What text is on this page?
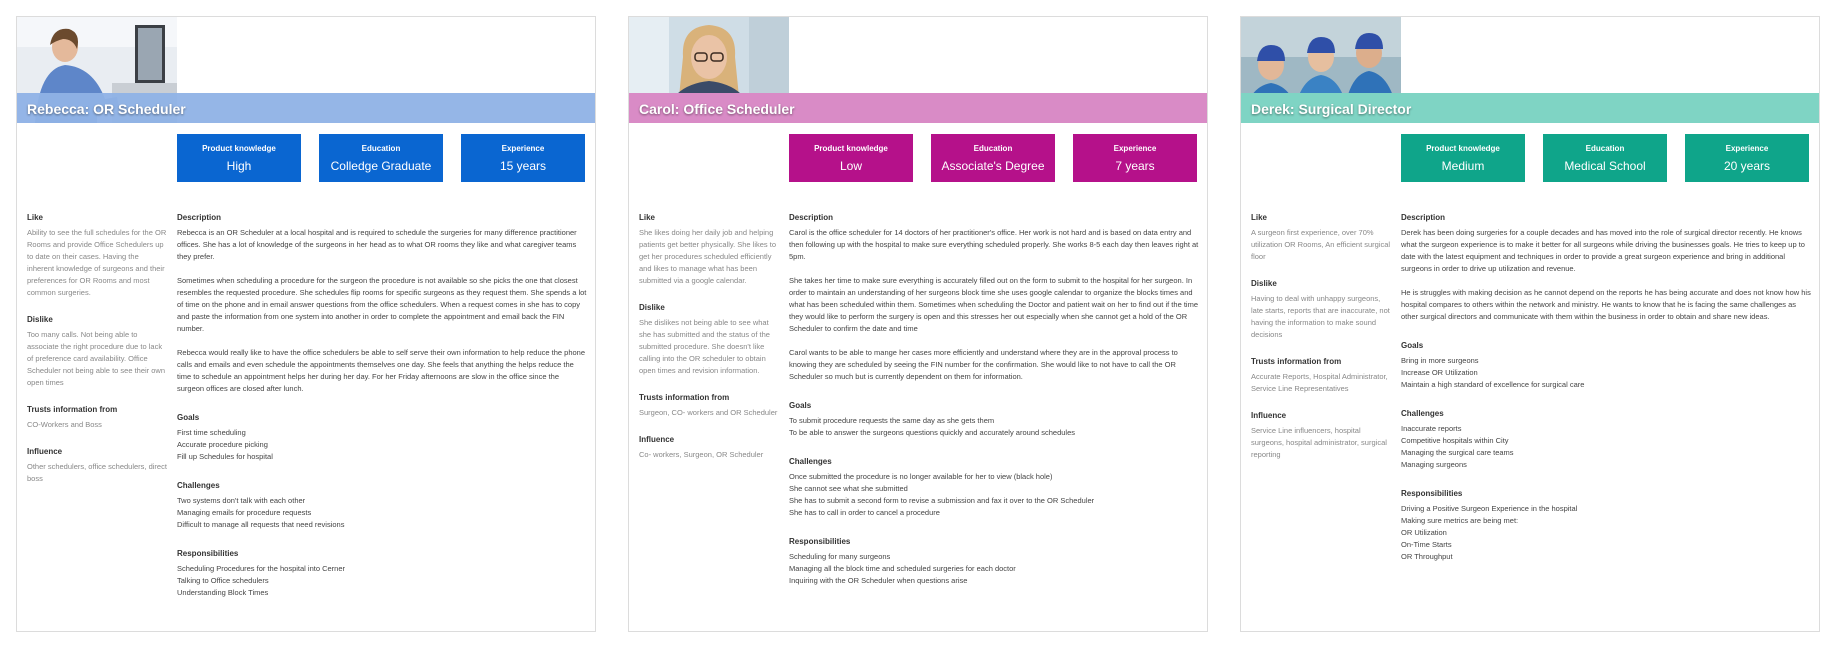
Rebecca: OR Scheduler
Product knowledge
High
Education
Colledge Graduate
Experience
15 years
Like
Ability to see the full schedules for the OR Rooms and provide Office Schedulers up to date on their cases. Having the inherent knowledge of surgeons and their preferences for OR Rooms and most common surgeries.
Dislike
Too many calls. Not being able to associate the right procedure due to lack of preference card availability. Office Scheduler not being able to see their own open times
Trusts information from
CO-Workers and Boss
Influence
Other schedulers, office schedulers, direct boss
Description
Rebecca is an OR Scheduler at a local hospital and is required to schedule the surgeries for many difference practitioner offices. She has a lot of knowledge of the surgeons in her head as to what OR rooms they like and what caregiver teams they prefer.
Sometimes when scheduling a procedure for the surgeon the procedure is not available so she picks the one that closest resembles the requested procedure. She schedules flip rooms for specific surgeons as they request them. She spends a lot of time on the phone and in email answer questions from the office schedulers. When a request comes in she has to copy and paste the information from one system into another in order to complete the appointment and email back the FIN number.
Rebecca would really like to have the office schedulers be able to self serve their own information to help reduce the phone calls and emails and even schedule the appointments themselves one day. She feels that anything the helps reduce the time to schedule an appointment helps her during her day. For her Friday afternoons are slow in the office since the surgeon offices are closed after lunch.
Goals
First time scheduling
Accurate procedure picking
Fill up Schedules for hospital
Challenges
Two systems don't talk with each other
Managing emails for procedure requests
Difficult to manage all requests that need revisions
Responsibilities
Scheduling Procedures for the hospital into Cerner
Talking to Office schedulers
Understanding Block Times
Carol: Office Scheduler
Product knowledge
Low
Education
Associate's Degree
Experience
7 years
Like
She likes doing her daily job and helping patients get better physically. She likes to get her procedures scheduled efficiently and likes to manage what has been submitted via a google calendar.
Dislike
She dislikes not being able to see what she has submitted and the status of the submitted procedure. She doesn't like calling into the OR scheduler to obtain open times and revision information.
Trusts information from
Surgeon, CO- workers and OR Scheduler
Influence
Co- workers, Surgeon, OR Scheduler
Description
Carol is the office scheduler for 14 doctors of her practitioner's office. Her work is not hard and is based on data entry and then following up with the hospital to make sure everything scheduled properly. She works 8-5 each day then leaves right at 5pm.
She takes her time to make sure everything is accurately filled out on the form to submit to the hospital for her surgeon. In order to maintain an understanding of her surgeons block time she uses google calendar to organize the blocks times and what has been scheduled within them. Sometimes when scheduling the Doctor and patient wait on her to find out if the time they would like to perform the surgery is open and this stresses her out especially when she cannot get a hold of the OR Scheduler to confirm the date and time
Carol wants to be able to mange her cases more efficiently and understand where they are in the approval process to knowing they are scheduled by seeing the FIN number for the confirmation. She would like to not have to call the OR Scheduler so much but is currently dependent on them for information.
Goals
To submit procedure requests the same day as she gets them
To be able to answer the surgeons questions quickly and accurately around schedules
Challenges
Once submitted the procedure is no longer available for her to view (black hole)
She cannot see what she submitted
She has to submit a second form to revise a submission and fax it over to the OR Scheduler
She has to call in order to cancel a procedure
Responsibilities
Scheduling for many surgeons
Managing all the block time and scheduled surgeries for each doctor
Inquiring with the OR Scheduler when questions arise
Derek: Surgical Director
Product knowledge
Medium
Education
Medical School
Experience
20 years
Like
A surgeon first experience, over 70% utilization OR Rooms, An efficient surgical floor
Dislike
Having to deal with unhappy surgeons, late starts, reports that are inaccurate, not having the information to make sound decisions
Trusts information from
Accurate Reports, Hospital Administrator, Service Line Representatives
Influence
Service Line influencers, hospital surgeons, hospital administrator, surgical reporting
Description
Derek has been doing surgeries for a couple decades and has moved into the role of surgical director recently. He knows what the surgeon experience is to make it better for all surgeons while driving the businesses goals. He tries to keep up to date with the latest equipment and techniques in order to provide a great surgeon experience and bring in additional surgeons in order to drive up utilization and revenue.
He is struggles with making decision as he cannot depend on the reports he has being accurate and does not know how his hospital compares to others within the network and ministry. He wants to know that he is facing the same challenges as other surgical directors and communicate with them within the business in order to obtain and share new ideas.
Goals
Bring in more surgeons
Increase OR Utilization
Maintain a high standard of excellence for surgical care
Challenges
Inaccurate reports
Competitive hospitals within City
Managing the surgical care teams
Managing surgeons
Responsibilities
Driving a Positive Surgeon Experience in the hospital
Making sure metrics are being met:
OR Utilization
On-Time Starts
OR Throughput
